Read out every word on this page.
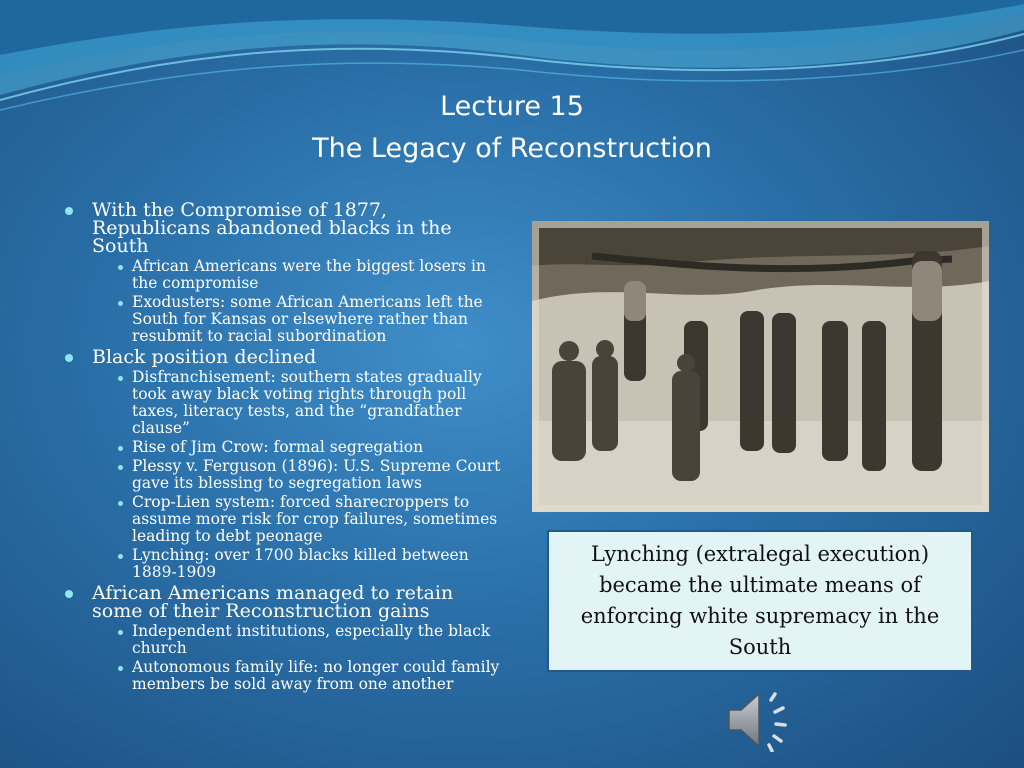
Lecture 15
The Legacy of Reconstruction
With the Compromise of 1877, Republicans abandoned blacks in the South
African Americans were the biggest losers in the compromise
Exodusters: some African Americans left the South for Kansas or elsewhere rather than resubmit to racial subordination
Black position declined
Disfranchisement: southern states gradually took away black voting rights through poll taxes, literacy tests, and the “grandfather clause”
Rise of Jim Crow: formal segregation
Plessy v. Ferguson (1896): U.S. Supreme Court gave its blessing to segregation laws
Crop-Lien system: forced sharecroppers to assume more risk for crop failures, sometimes leading to debt peonage
Lynching: over 1700 blacks killed between 1889-1909
African Americans managed to retain some of their Reconstruction gains
Independent institutions, especially the black church
Autonomous family life: no longer could family members be sold away from one another
Lynching (extralegal execution) became the ultimate means of enforcing white supremacy in the South
